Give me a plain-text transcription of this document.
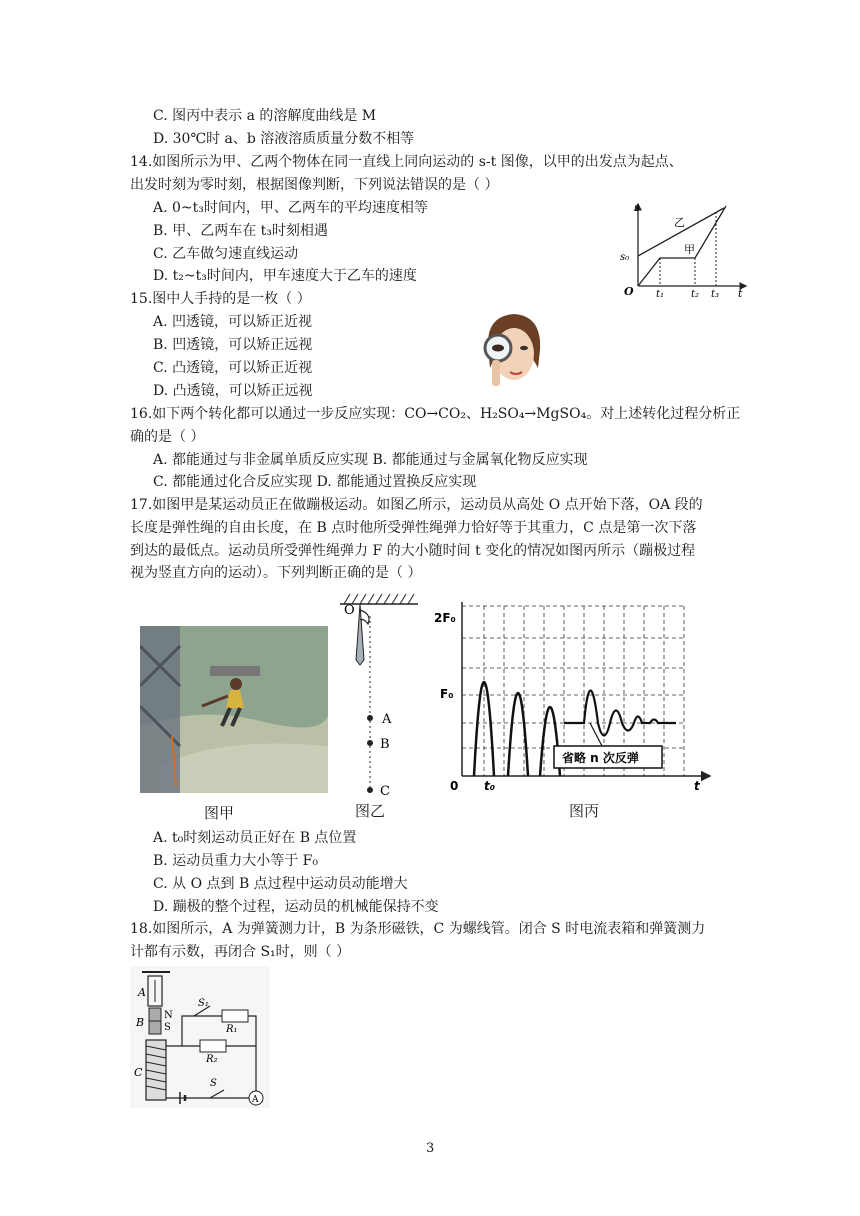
C. 图丙中表示 a 的溶解度曲线是 M
D. 30℃时 a、b 溶液溶质质量分数不相等
14.如图所示为甲、乙两个物体在同一直线上同向运动的 s-t 图像，以甲的出发点为起点、
出发时刻为零时刻，根据图像判断，下列说法错误的是（ ）
A. 0~t₃时间内，甲、乙两车的平均速度相等
B. 甲、乙两车在 t₃时刻相遇
C. 乙车做匀速直线运动
D. t₂~t₃时间内，甲车速度大于乙车的速度
15.图中人手持的是一枚（ ）
A. 凹透镜，可以矫正近视
B. 凹透镜，可以矫正远视
C. 凸透镜，可以矫正近视
D. 凸透镜，可以矫正远视
16.如下两个转化都可以通过一步反应实现：CO→CO₂、H₂SO₄→MgSO₄。对上述转化过程分析正
确的是（ ）
A. 都能通过与非金属单质反应实现 B. 都能通过与金属氧化物反应实现
C. 都能通过化合反应实现 D. 都能通过置换反应实现
17.如图甲是某运动员正在做蹦极运动。如图乙所示，运动员从高处 O 点开始下落，OA 段的
长度是弹性绳的自由长度，在 B 点时他所受弹性绳弹力恰好等于其重力，C 点是第一次下落
到达的最低点。运动员所受弹性绳弹力 F 的大小随时间 t 变化的情况如图丙所示（蹦极过程
视为竖直方向的运动）。下列判断正确的是（ ）
A. t₀时刻运动员正好在 B 点位置
B. 运动员重力大小等于 F₀
C. 从 O 点到 B 点过程中运动员动能增大
D. 蹦极的整个过程，运动员的机械能保持不变
18.如图所示，A 为弹簧测力计，B 为条形磁铁，C 为螺线管。闭合 S 时电流表箱和弹簧测力
计都有示数，再闭合 S₁时，则（ ）
s
s₀
O t₁	t₂ t₃ t
乙
甲
图甲
O
A
B
C
图乙
省略 n 次反弹
2F₀
F₀
0 t₀	t
图丙
A
B
N
S
C
S₁
R₁
R₂
S
A
3
